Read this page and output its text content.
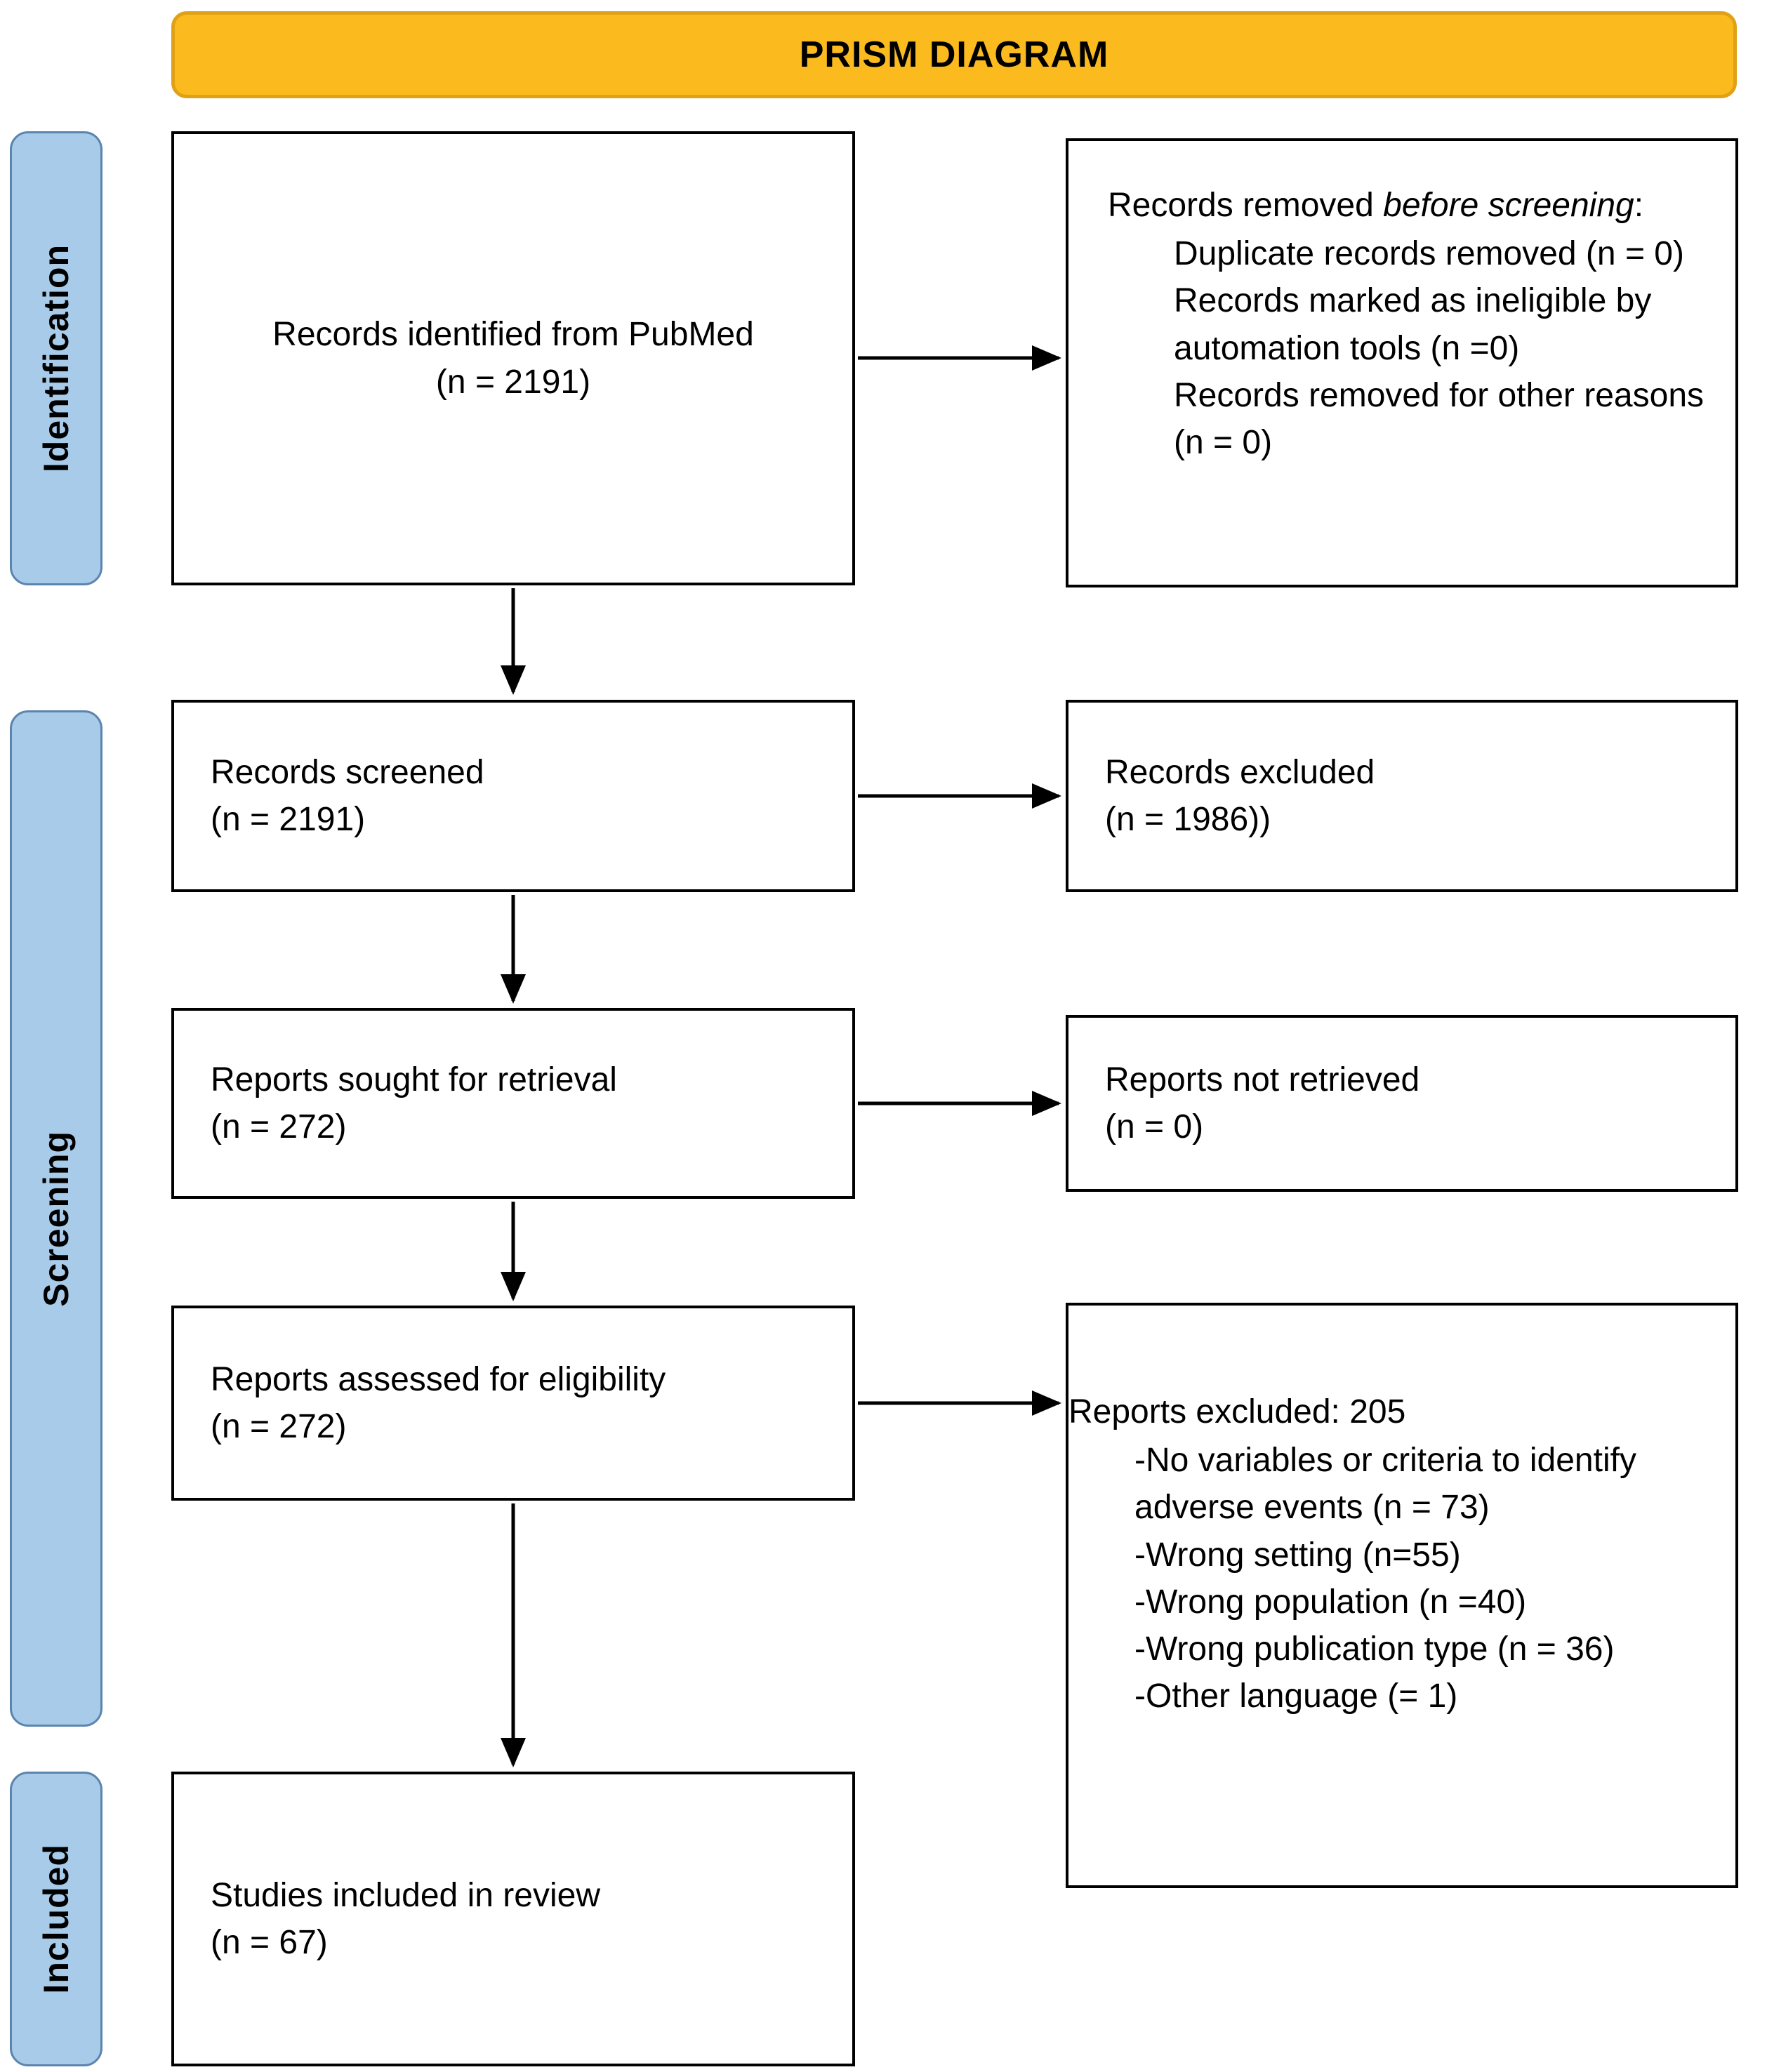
PRISM DIAGRAM
Identification
Screening
Included
Records identified from PubMed
(n = 2191)
Records screened
(n = 2191)
Reports sought for retrieval
(n = 272)
Reports assessed for eligibility
(n = 272)
Studies included in review
(n = 67)

Records removed before screening:

Duplicate records removed (n = 0)
Records marked as ineligible by automation tools (n =0)
Records removed for other reasons (n = 0)
Records excluded
(n = 1986))
Reports not retrieved
(n = 0)

Reports excluded: 205

-No variables or criteria to identify adverse events (n = 73)
-Wrong setting (n=55)
-Wrong population (n =40)
-Wrong publication type (n = 36)
-Other language (= 1)
